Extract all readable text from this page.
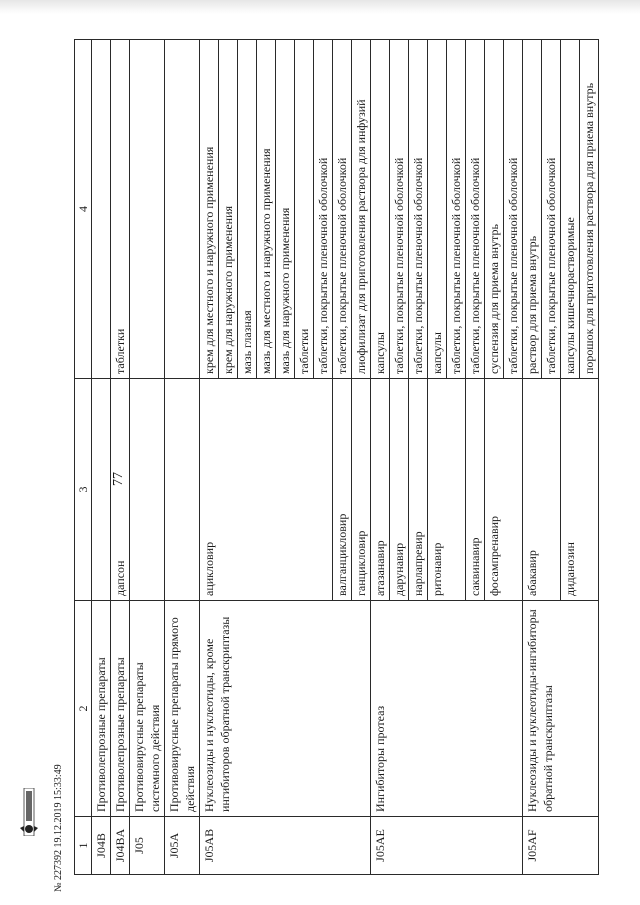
77
№ 227392 19.12.2019 15:33:49 1	2	3	4
J04B	Противолепрозные препараты		
J04BA	Противолепрозные препараты	дапсон	таблетки
J05	Противовирусные препараты системного действия		
J05A	Противовирусные препараты прямого действия		
J05AB	Нуклеозиды и нуклеотиды, кроме ингибиторов обратной транскриптазы	ацикловир	крем для местного и наружного применения
			крем для наружного применения
			мазь глазная
			мазь для местного и наружного применения
			мазь для наружного применения
			таблетки
			таблетки, покрытые пленочной оболочкой
		валганцикловир	таблетки, покрытые пленочной оболочкой
		ганцикловир	лиофилизат для приготовления раствора для инфузий
J05AE	Ингибиторы протеаз	атазанавир	капсулы
		дарунавир	таблетки, покрытые пленочной оболочкой
		нарлапревир	таблетки, покрытые пленочной оболочкой
		ритонавир	капсулы
			таблетки, покрытые пленочной оболочкой
		саквинавир	таблетки, покрытые пленочной оболочкой
		фосампренавир	суспензия для приема внутрь
			таблетки, покрытые пленочной оболочкой
J05AF	Нуклеозиды и нуклеотиды-ингибиторы обратной транскриптазы	абакавир	раствор для приема внутрь
			таблетки, покрытые пленочной оболочкой
		диданозин	капсулы кишечнорастворимые
			порошок для приготовления раствора для приема внутрь
